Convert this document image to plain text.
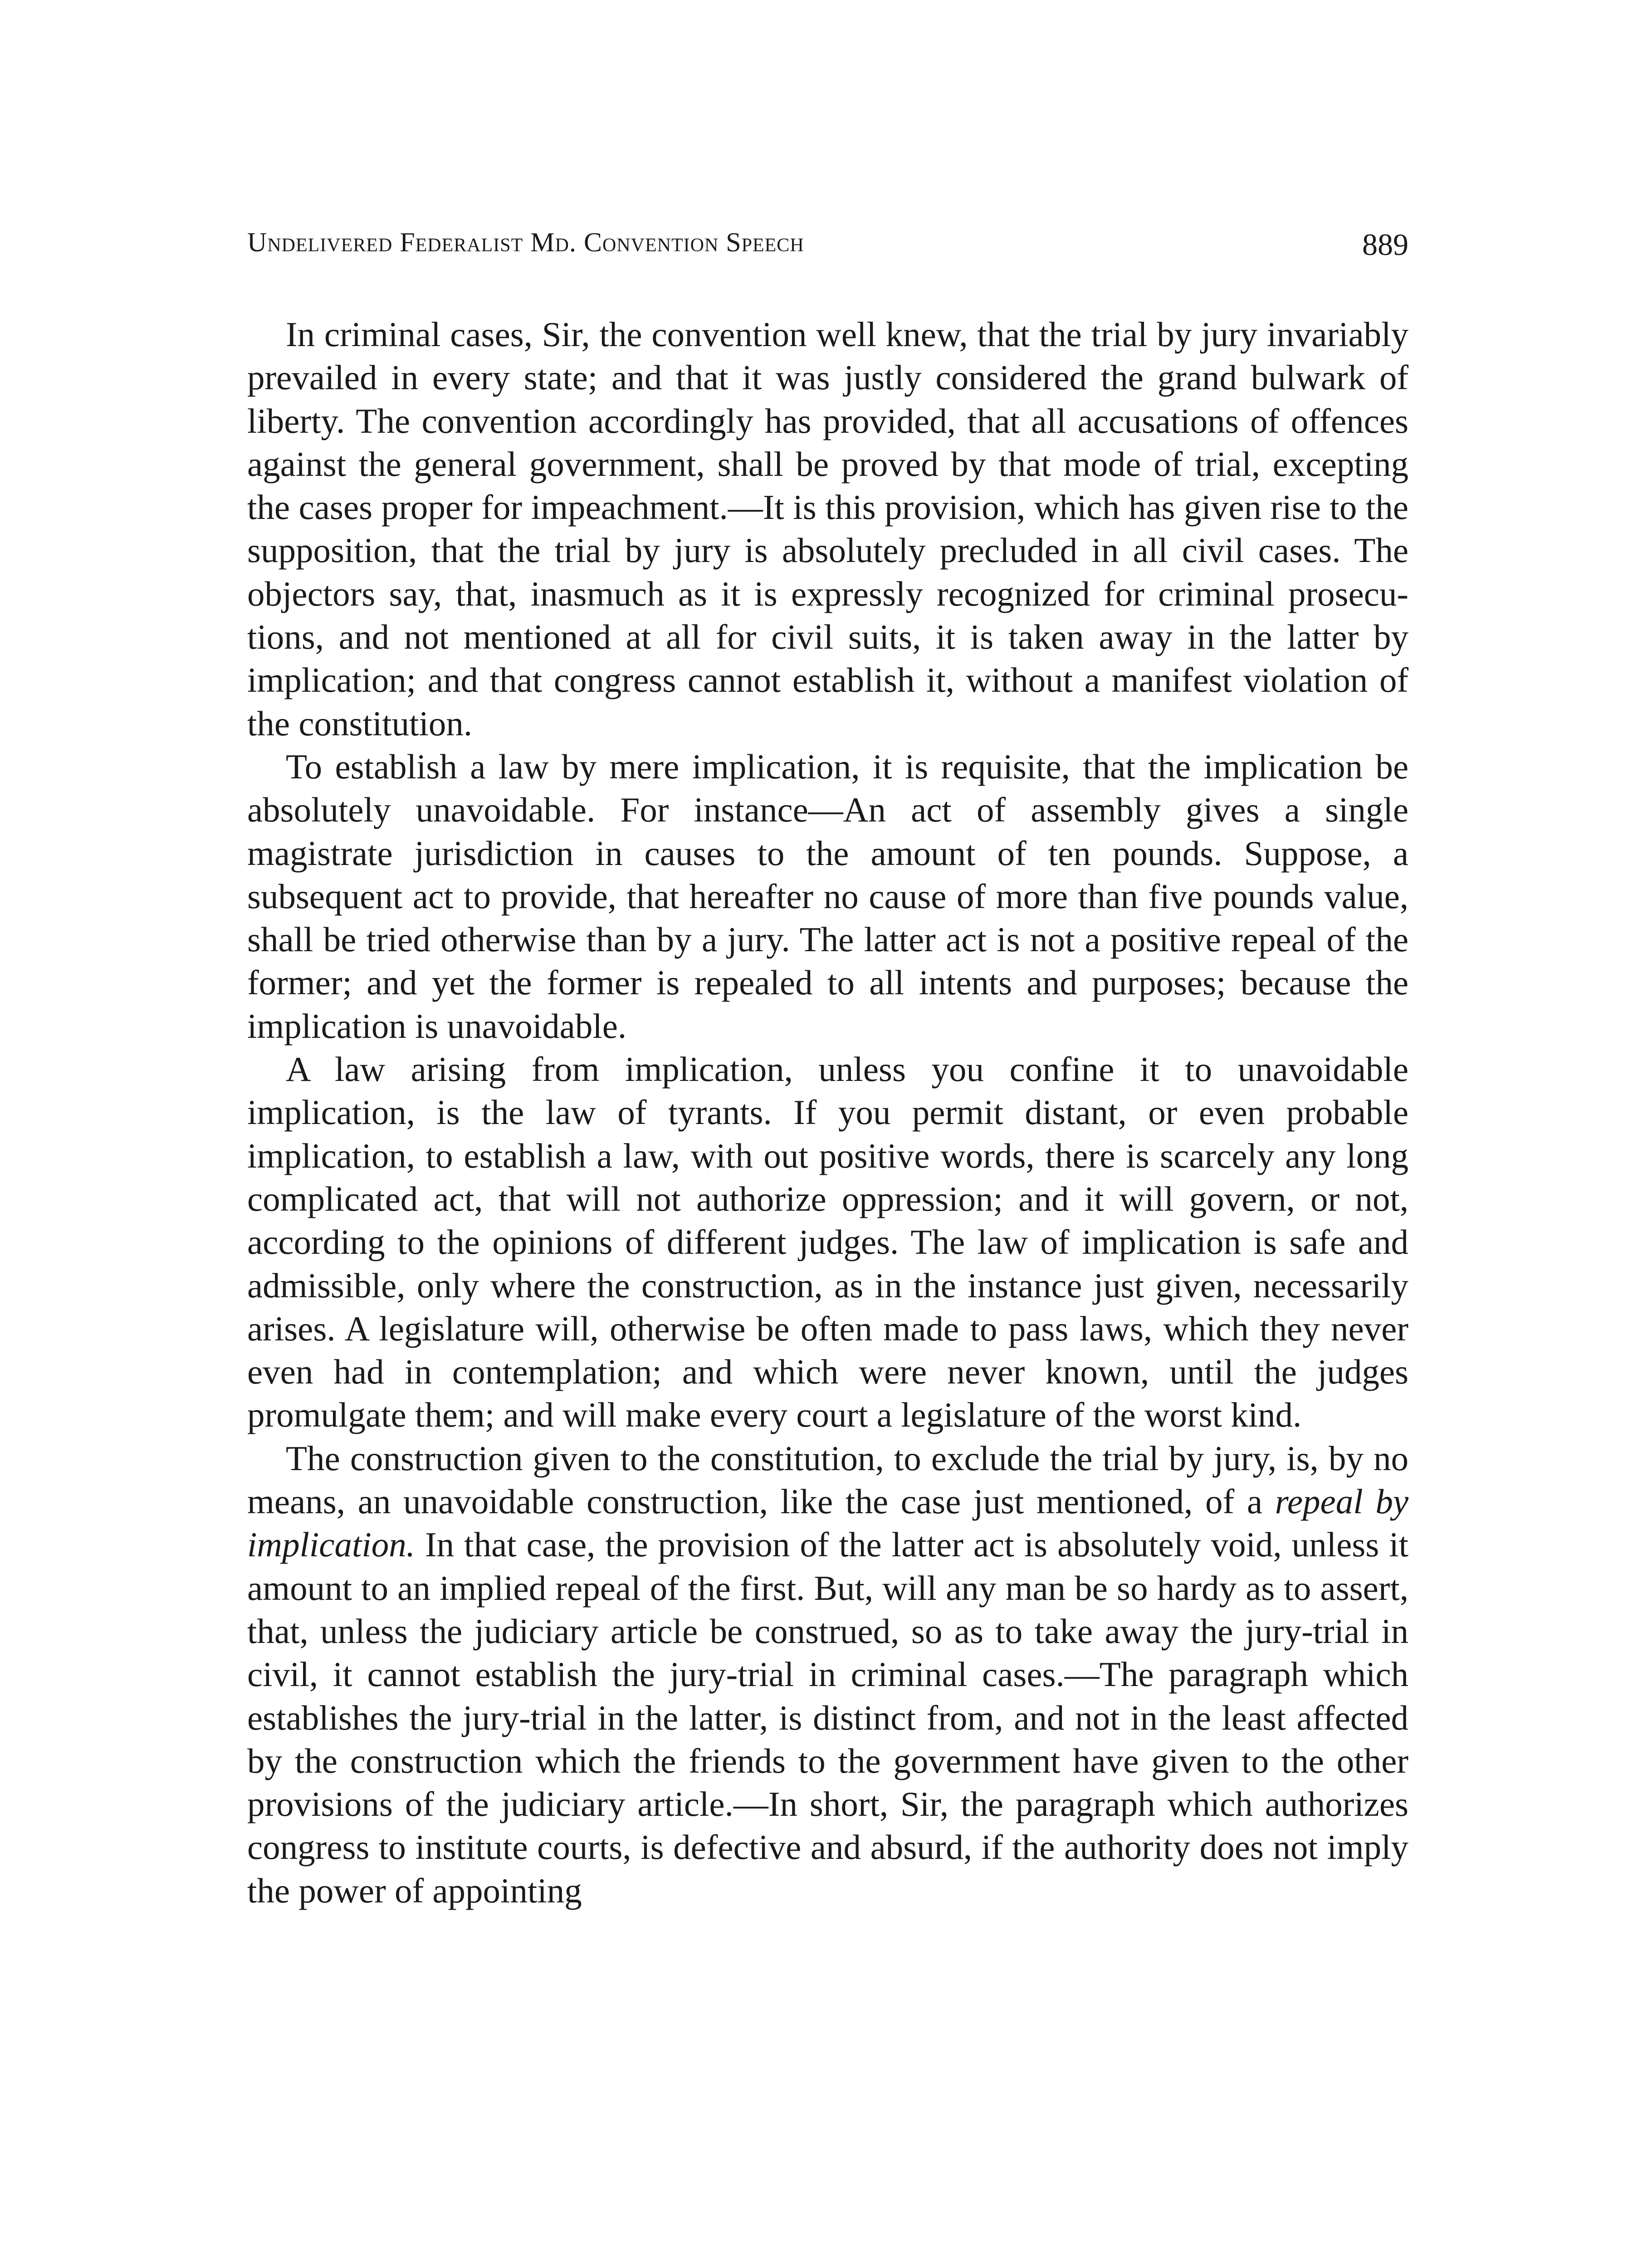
Undelivered Federalist Md. Convention Speech	889

In criminal cases, Sir, the convention well knew, that the trial by jury invariably prevailed in every state; and that it was justly considered the grand bulwark of liberty. The convention accordingly has provided, that all accusations of offences against the general government, shall be proved by that mode of trial, excepting the cases proper for impeachment.—It is this provision, which has given rise to the supposition, that the trial by jury is absolutely precluded in all civil cases. The objectors say, that, inasmuch as it is expressly recognized for criminal prosecutions, and not mentioned at all for civil suits, it is taken away in the latter by implication; and that congress cannot establish it, without a manifest violation of the constitution.

To establish a law by mere implication, it is requisite, that the implication be absolutely unavoidable. For instance—An act of assembly gives a single magistrate jurisdiction in causes to the amount of ten pounds. Suppose, a subsequent act to provide, that hereafter no cause of more than five pounds value, shall be tried otherwise than by a jury. The latter act is not a positive repeal of the former; and yet the former is repealed to all intents and purposes; because the implication is unavoidable.

A law arising from implication, unless you confine it to unavoidable implication, is the law of tyrants. If you permit distant, or even probable implication, to establish a law, with out positive words, there is scarcely any long complicated act, that will not authorize oppression; and it will govern, or not, according to the opinions of different judges. The law of implication is safe and admissible, only where the construction, as in the instance just given, necessarily arises. A legislature will, otherwise be often made to pass laws, which they never even had in contemplation; and which were never known, until the judges promulgate them; and will make every court a legislature of the worst kind.

The construction given to the constitution, to exclude the trial by jury, is, by no means, an unavoidable construction, like the case just mentioned, of a repeal by implication. In that case, the provision of the latter act is absolutely void, unless it amount to an implied repeal of the first. But, will any man be so hardy as to assert, that, unless the judiciary article be construed, so as to take away the jury-trial in civil, it cannot establish the jury-trial in criminal cases.—The paragraph which establishes the jury-trial in the latter, is distinct from, and not in the least affected by the construction which the friends to the government have given to the other provisions of the judiciary article.—In short, Sir, the paragraph which authorizes congress to institute courts, is defective and absurd, if the authority does not imply the power of appointing
